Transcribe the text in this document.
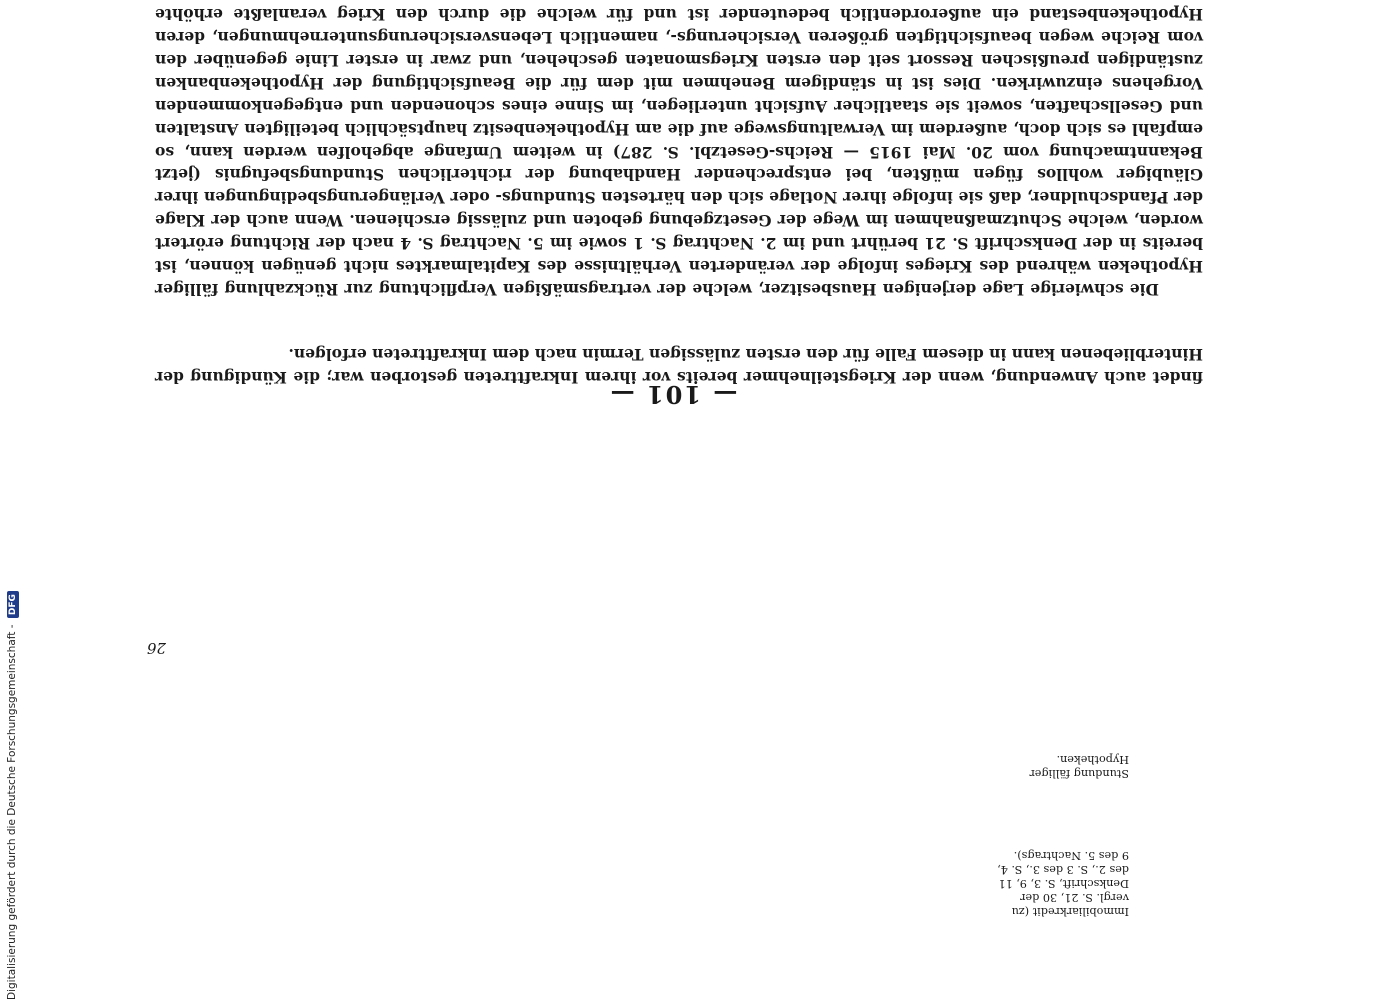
— 101 —

findet auch Anwendung, wenn der Kriegsteilnehmer bereits vor ihrem Inkrafttreten gestorben war; die Kündigung der Hinterbliebenen kann in diesem Falle für den ersten zulässigen Termin nach dem Inkrafttreten erfolgen.

Die schwierige Lage derjenigen Hausbesitzer, welche der vertragsmäßigen Verpflichtung zur Rückzahlung fälliger Hypotheken während des Krieges infolge der veränderten Verhältnisse des Kapitalmarktes nicht genügen können, ist bereits in der Denkschrift S. 21 berührt und im 2. Nachtrag S. 1 sowie im 5. Nachtrag S. 4 nach der Richtung erörtert worden, welche Schutzmaßnahmen im Wege der Gesetzgebung geboten und zulässig erschienen. Wenn auch der Klage der Pfandschuldner, daß sie infolge ihrer Notlage sich den härtesten Stundungs- oder Verlängerungsbedingungen ihrer Gläubiger wohllos fügen müßten, bei entsprechender Handhabung der richterlichen Stundungsbefugnis (jetzt Bekanntmachung vom 20. Mai 1915 — Reichs-Gesetzbl. S. 287) in weitem Umfange abgeholfen werden kann, so empfahl es sich doch, außerdem im Verwaltungswege auf die am Hypothekenbesitz hauptsächlich beteiligten Anstalten und Gesellschaften, soweit sie staatlicher Aufsicht unterliegen, im Sinne eines schonenden und entgegenkommenden Vorgehens einzuwirken. Dies ist in ständigem Benehmen mit dem für die Beaufsichtigung der Hypothekenbanken zuständigen preußischen Ressort seit den ersten Kriegsmonaten geschehen, und zwar in erster Linie gegenüber den vom Reiche wegen beaufsichtigten größeren Versicherungs-, namentlich Lebensversicherungsunternehmungen, deren Hypothekenbestand ein außerordentlich bedeutender ist und für welche die durch den Krieg veranlaßte erhöhte

Immobiliarkredit (zu vergl. S. 21, 30 der Denkschrift, S. 3, 9, 11 des 2., S. 3 des 3., S. 4, 9 des 5. Nachtrags).
Stundung fälliger Hypotheken.
26
Digitalisierung gefördert durch die Deutsche Forschungsgemeinschaft - DFG
